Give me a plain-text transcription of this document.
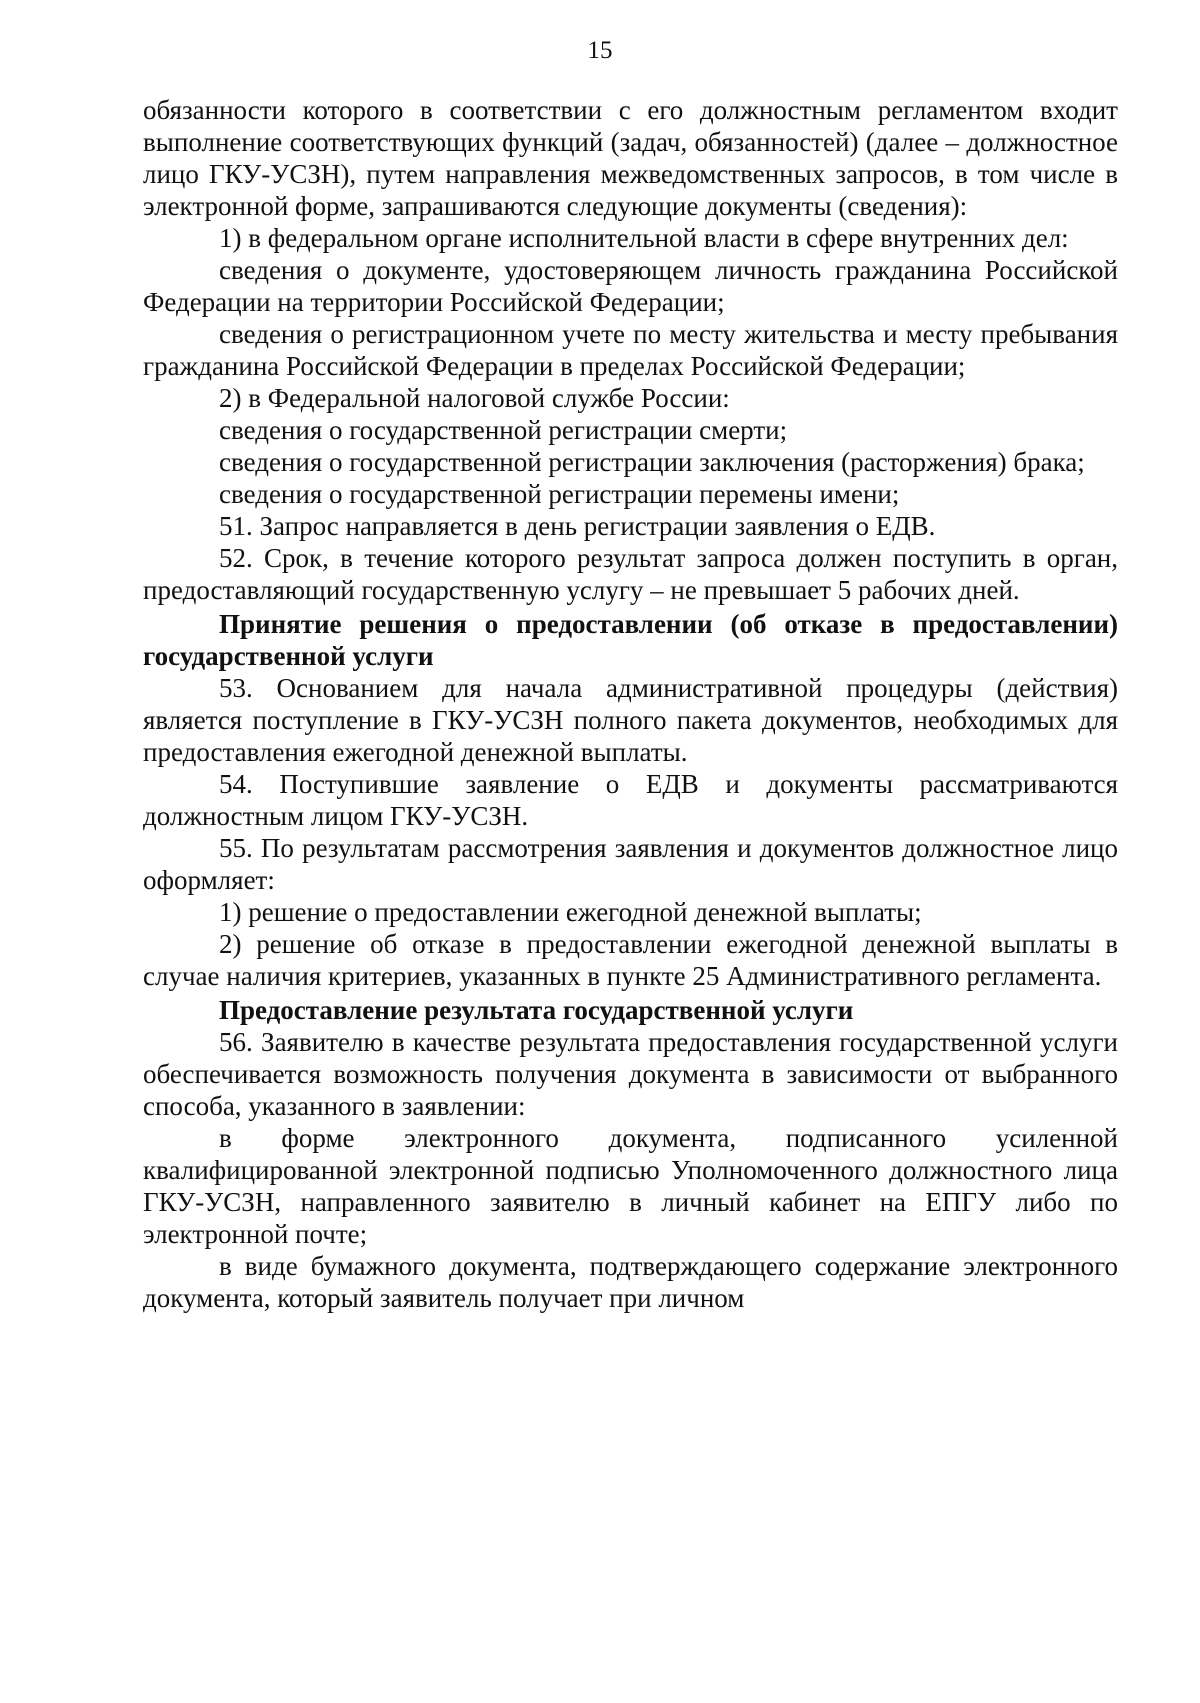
15

обязанности которого в соответствии с его должностным регламентом входит выполнение соответствующих функций (задач, обязанностей) (далее – должностное лицо ГКУ-УСЗН), путем направления межведомственных запросов, в том числе в электронной форме, запрашиваются следующие документы (сведения):

1) в федеральном органе исполнительной власти в сфере внутренних дел:

сведения о документе, удостоверяющем личность гражданина Российской Федерации на территории Российской Федерации;

сведения о регистрационном учете по месту жительства и месту пребывания гражданина Российской Федерации в пределах Российской Федерации;

2) в Федеральной налоговой службе России:

сведения о государственной регистрации смерти;

сведения о государственной регистрации заключения (расторжения) брака;

сведения о государственной регистрации перемены имени;

51. Запрос направляется в день регистрации заявления о ЕДВ.

52. Срок, в течение которого результат запроса должен поступить в орган, предоставляющий государственную услугу – не превышает 5 рабочих дней.

Принятие решения о предоставлении (об отказе в предоставлении) государственной услуги

53. Основанием для начала административной процедуры (действия) является поступление в ГКУ-УСЗН полного пакета документов, необходимых для предоставления ежегодной денежной выплаты.

54. Поступившие заявление о ЕДВ и документы рассматриваются должностным лицом ГКУ-УСЗН.

55. По результатам рассмотрения заявления и документов должностное лицо оформляет:

1) решение о предоставлении ежегодной денежной выплаты;

2) решение об отказе в предоставлении ежегодной денежной выплаты в случае наличия критериев, указанных в пункте 25 Административного регламента.

Предоставление результата государственной услуги

56. Заявителю в качестве результата предоставления государственной услуги обеспечивается возможность получения документа в зависимости от выбранного способа, указанного в заявлении:

в форме электронного документа, подписанного усиленной квалифицированной электронной подписью Уполномоченного должностного лица ГКУ-УСЗН, направленного заявителю в личный кабинет на ЕПГУ либо по электронной почте;

в виде бумажного документа, подтверждающего содержание электронного документа, который заявитель получает при личном
